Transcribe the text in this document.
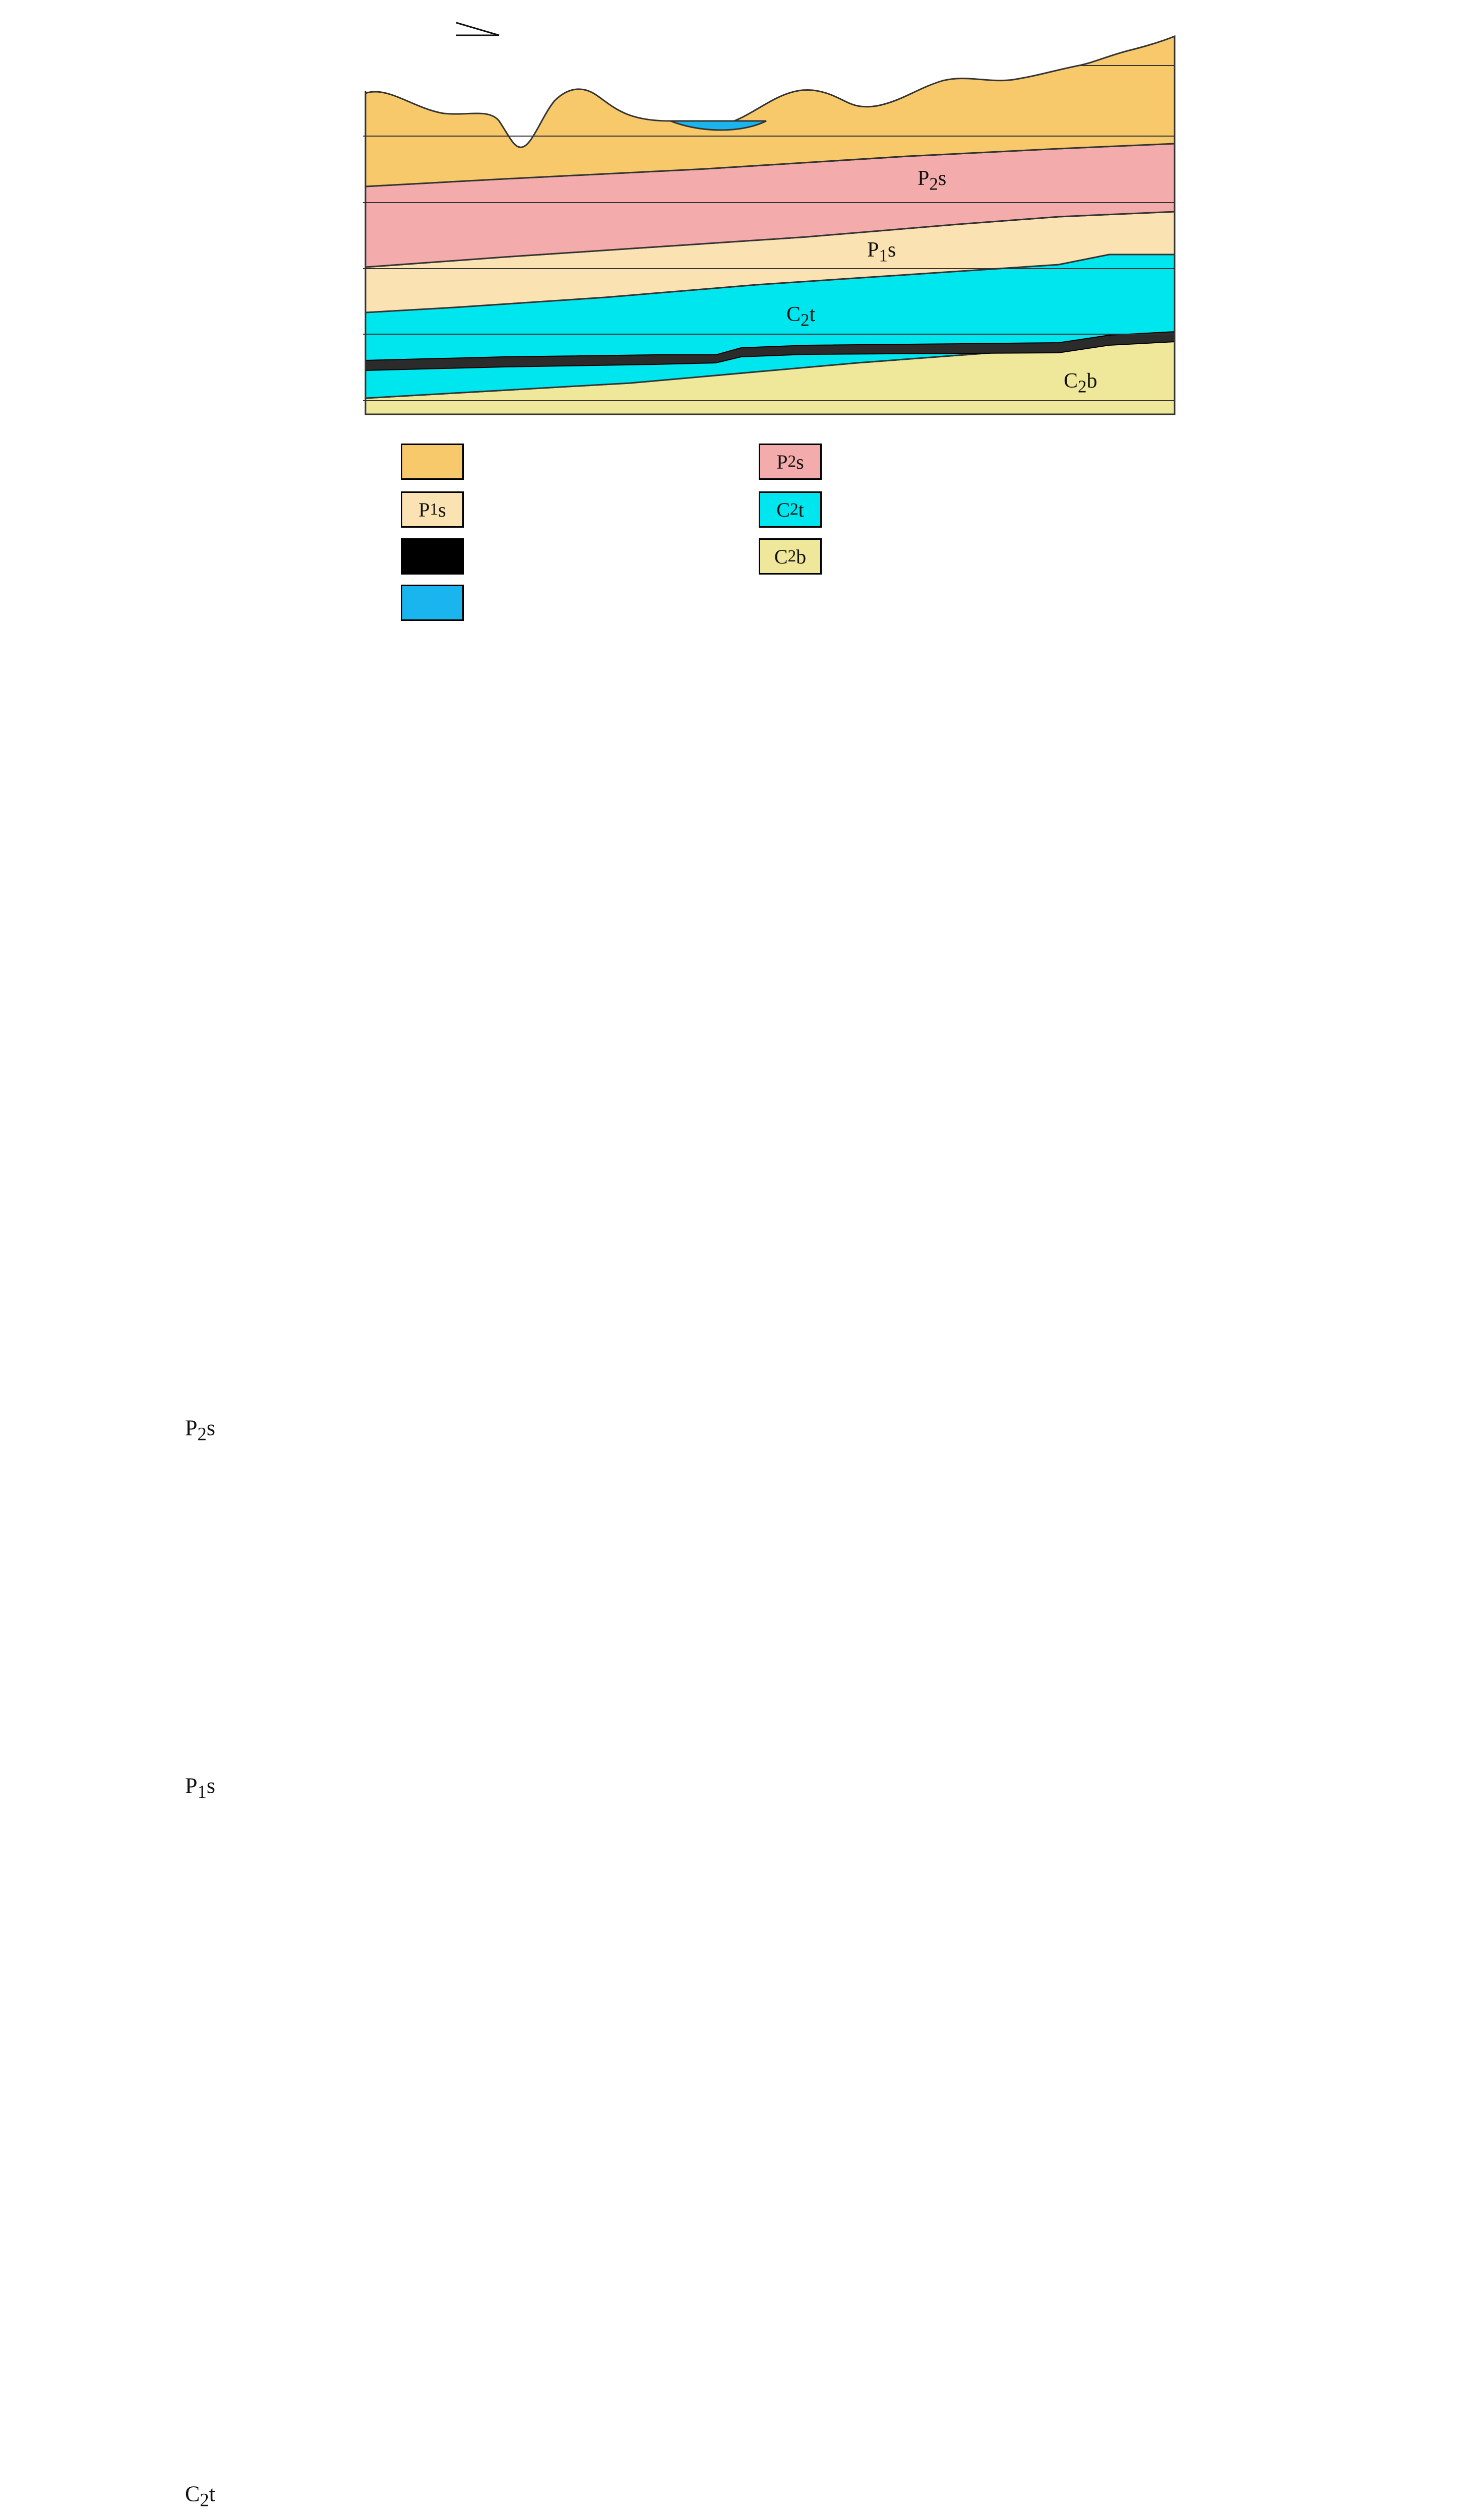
$P_2s$
$P_1s$
$C_2t$
$C_2b$
P 2 s
P 1 s	C 2 t
C 2 b
$P_2s$
$P_1s$
$C_2t$
